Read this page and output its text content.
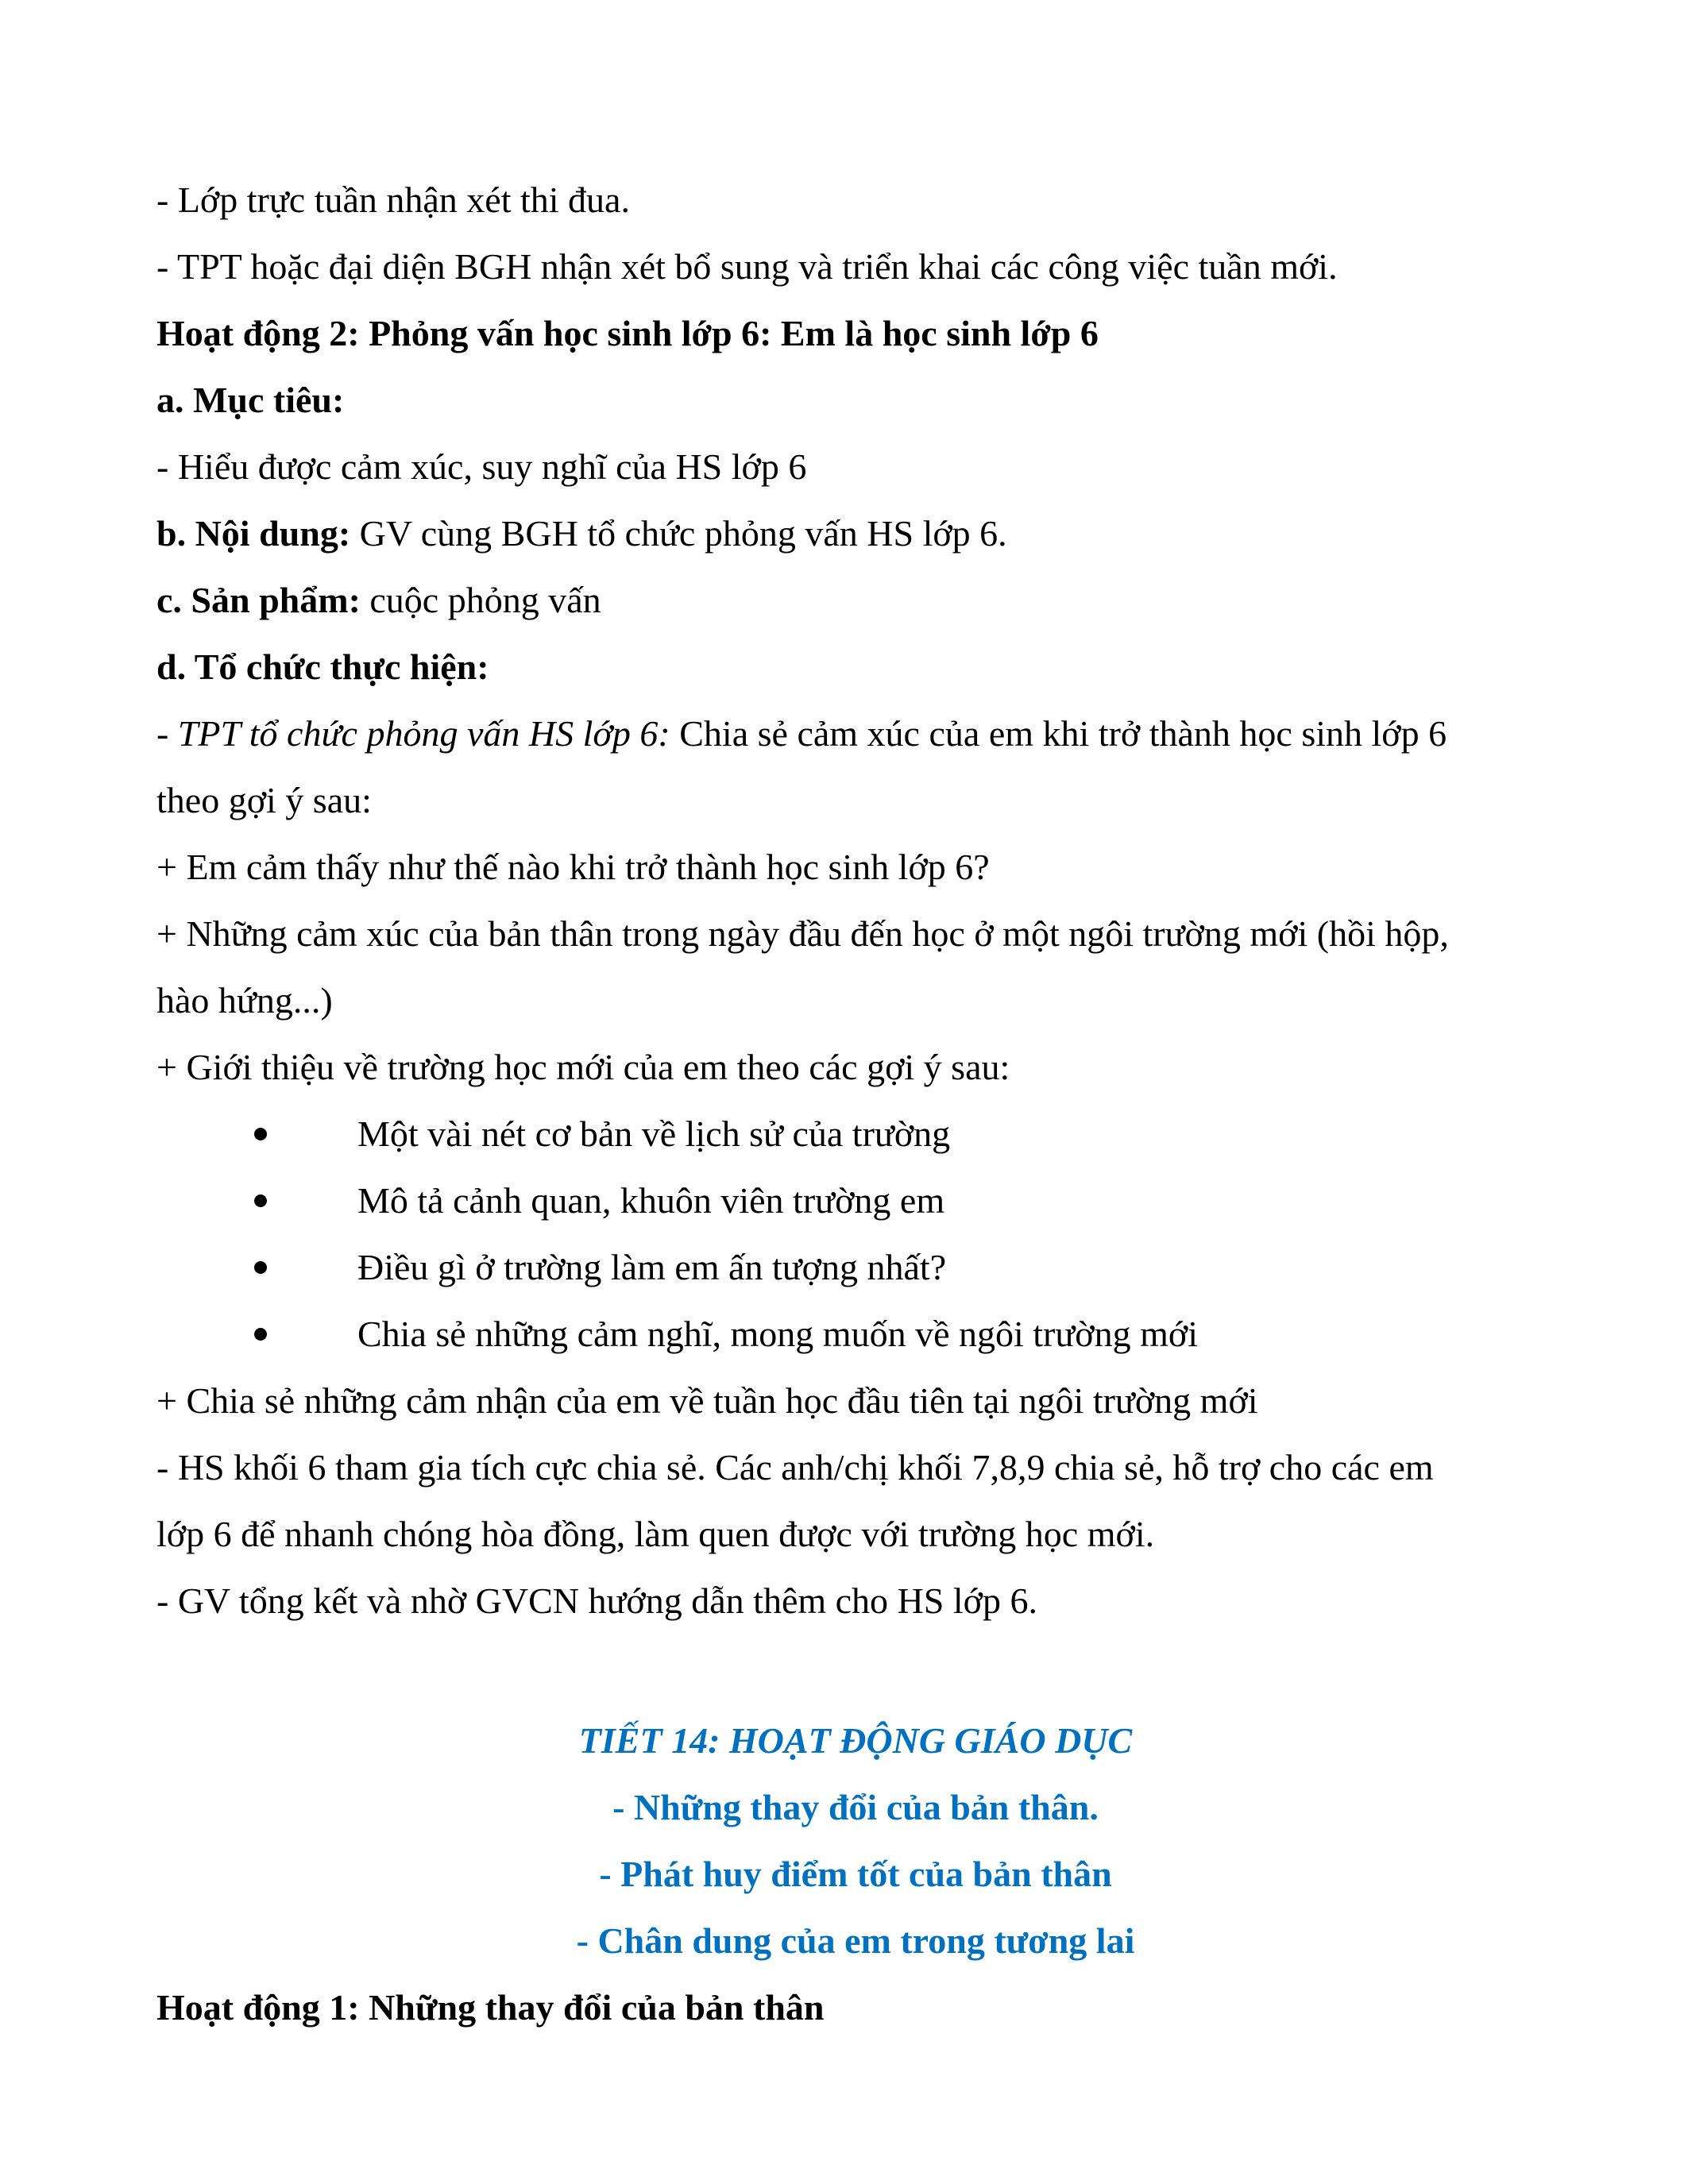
- Lớp trực tuần nhận xét thi đua.
- TPT hoặc đại diện BGH nhận xét bổ sung và triển khai các công việc tuần mới.
Hoạt động 2: Phỏng vấn học sinh lớp 6: Em là học sinh lớp 6
a. Mục tiêu:
- Hiểu được cảm xúc, suy nghĩ của HS lớp 6
b. Nội dung: GV cùng BGH tổ chức phỏng vấn HS lớp 6.
c. Sản phẩm: cuộc phỏng vấn
d. Tổ chức thực hiện:
- TPT tổ chức phỏng vấn HS lớp 6: Chia sẻ cảm xúc của em khi trở thành học sinh lớp 6
theo gợi ý sau:
+ Em cảm thấy như thế nào khi trở thành học sinh lớp 6?
+ Những cảm xúc của bản thân trong ngày đầu đến học ở một ngôi trường mới (hồi hộp,
hào hứng...)
+ Giới thiệu về trường học mới của em theo các gợi ý sau:
Một vài nét cơ bản về lịch sử của trường
Mô tả cảnh quan, khuôn viên trường em
Điều gì ở trường làm em ấn tượng nhất?
Chia sẻ những cảm nghĩ, mong muốn về ngôi trường mới
+ Chia sẻ những cảm nhận của em về tuần học đầu tiên tại ngôi trường mới
- HS khối 6 tham gia tích cực chia sẻ. Các anh/chị khối 7,8,9 chia sẻ, hỗ trợ cho các em
lớp 6 để nhanh chóng hòa đồng, làm quen được với trường học mới.
- GV tổng kết và nhờ GVCN hướng dẫn thêm cho HS lớp 6.
TIẾT 14: HOẠT ĐỘNG GIÁO DỤC
- Những thay đổi của bản thân.
- Phát huy điểm tốt của bản thân
- Chân dung của em trong tương lai
Hoạt động 1: Những thay đổi của bản thân
